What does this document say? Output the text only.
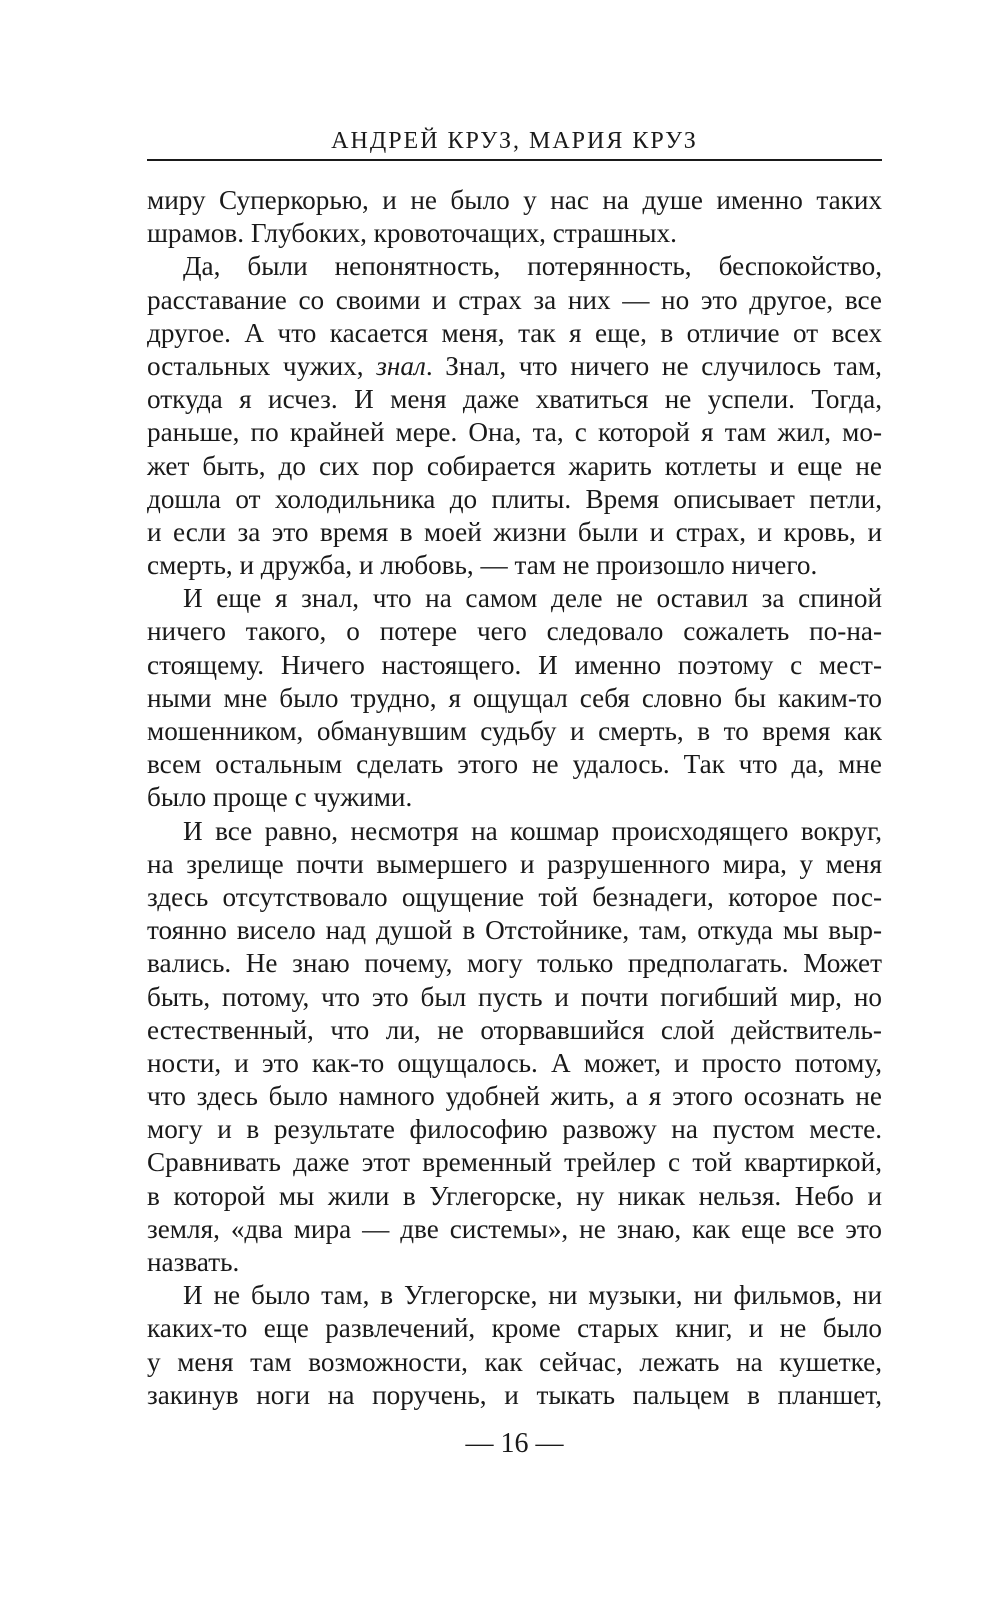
АНДРЕЙ КРУЗ, МАРИЯ КРУЗ
миру Суперкорью, и не было у нас на душе именно таких
шрамов. Глубоких, кровоточащих, страшных.
Да, были непонятность, потерянность, беспокойство,
расставание со своими и страх за них — но это другое, все
другое. А что касается меня, так я еще, в отличие от всех
остальных чужих, знал. Знал, что ничего не случилось там,
откуда я исчез. И меня даже хватиться не успели. Тогда,
раньше, по крайней мере. Она, та, с которой я там жил, мо-
жет быть, до сих пор собирается жарить котлеты и еще не
дошла от холодильника до плиты. Время описывает петли,
и если за это время в моей жизни были и страх, и кровь, и
смерть, и дружба, и любовь, — там не произошло ничего.
И еще я знал, что на самом деле не оставил за спиной
ничего такого, о потере чего следовало сожалеть по-на-
стоящему. Ничего настоящего. И именно поэтому с мест-
ными мне было трудно, я ощущал себя словно бы каким-то
мошенником, обманувшим судьбу и смерть, в то время как
всем остальным сделать этого не удалось. Так что да, мне
было проще с чужими.
И все равно, несмотря на кошмар происходящего вокруг,
на зрелище почти вымершего и разрушенного мира, у меня
здесь отсутствовало ощущение той безнадеги, которое пос-
тоянно висело над душой в Отстойнике, там, откуда мы выр-
вались. Не знаю почему, могу только предполагать. Может
быть, потому, что это был пусть и почти погибший мир, но
естественный, что ли, не оторвавшийся слой действитель-
ности, и это как-то ощущалось. А может, и просто потому,
что здесь было намного удобней жить, а я этого осознать не
могу и в результате философию развожу на пустом месте.
Сравнивать даже этот временный трейлер с той квартиркой,
в которой мы жили в Углегорске, ну никак нельзя. Небо и
земля, «два мира — две системы», не знаю, как еще все это
назвать.
И не было там, в Углегорске, ни музыки, ни фильмов, ни
каких-то еще развлечений, кроме старых книг, и не было
у меня там возможности, как сейчас, лежать на кушетке,
закинув ноги на поручень, и тыкать пальцем в планшет,
— 16 —
